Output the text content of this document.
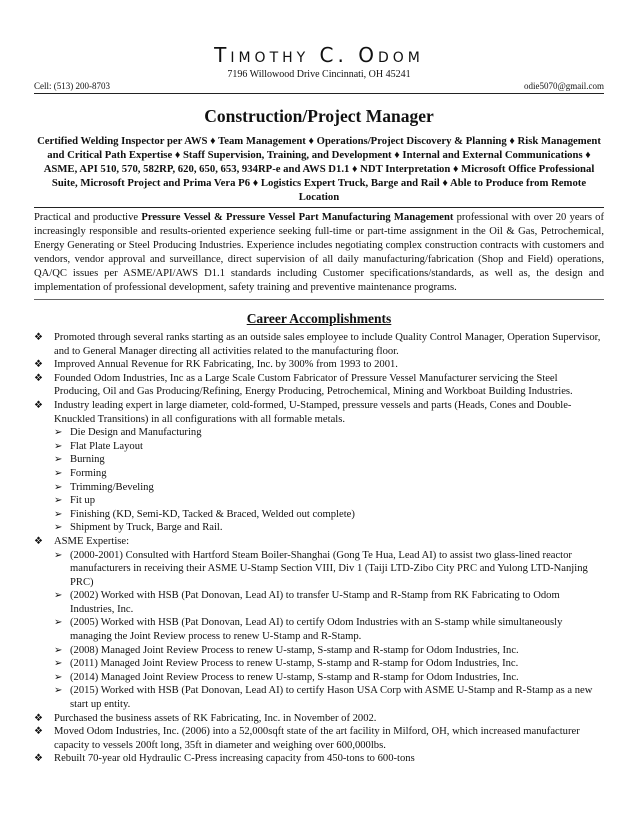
Timothy C. Odom
7196 Willowood Drive Cincinnati, OH 45241
Cell: (513) 200-8703	odie5070@gmail.com
Construction/Project Manager
Certified Welding Inspector per AWS ♦ Team Management ♦ Operations/Project Discovery & Planning ♦ Risk Management and Critical Path Expertise ♦ Staff Supervision, Training, and Development ♦ Internal and External Communications ♦ ASME, API 510, 570, 582RP, 620, 650, 653, 934RP-e and AWS D1.1 ♦ NDT Interpretation ♦ Microsoft Office Professional Suite, Microsoft Project and Prima Vera P6 ♦ Logistics Expert Truck, Barge and Rail ♦ Able to Produce from Remote Location
Practical and productive Pressure Vessel & Pressure Vessel Part Manufacturing Management professional with over 20 years of increasingly responsible and results-oriented experience seeking full-time or part-time assignment in the Oil & Gas, Petrochemical, Energy Generating or Steel Producing Industries. Experience includes negotiating complex construction contracts with customers and vendors, vendor approval and surveillance, direct supervision of all daily manufacturing/fabrication (Shop and Field) operations, QA/QC issues per ASME/API/AWS D1.1 standards including Customer specifications/standards, as well as, the design and implementation of professional development, safety training and preventive maintenance programs.
Career Accomplishments
❖ Promoted through several ranks starting as an outside sales employee to include Quality Control Manager, Operation Supervisor, and to General Manager directing all activities related to the manufacturing floor.
❖ Improved Annual Revenue for RK Fabricating, Inc. by 300% from 1993 to 2001.
❖ Founded Odom Industries, Inc as a Large Scale Custom Fabricator of Pressure Vessel Manufacturer servicing the Steel Producing, Oil and Gas Producing/Refining, Energy Producing, Petrochemical, Mining and Workboat Building Industries.
❖ Industry leading expert in large diameter, cold-formed, U-Stamped, pressure vessels and parts (Heads, Cones and Double-Knuckled Transitions) in all configurations with all formable metals.
➢ Die Design and Manufacturing
➢ Flat Plate Layout
➢ Burning
➢ Forming
➢ Trimming/Beveling
➢ Fit up
➢ Finishing (KD, Semi-KD, Tacked & Braced, Welded out complete)
➢ Shipment by Truck, Barge and Rail.
❖ ASME Expertise:
➢ (2000-2001) Consulted with Hartford Steam Boiler-Shanghai (Gong Te Hua, Lead AI) to assist two glass-lined reactor manufacturers in receiving their ASME U-Stamp Section VIII, Div 1 (Taiji LTD-Zibo City PRC and Yulong LTD-Nanjing PRC)
➢ (2002) Worked with HSB (Pat Donovan, Lead AI) to transfer U-Stamp and R-Stamp from RK Fabricating to Odom Industries, Inc.
➢ (2005) Worked with HSB (Pat Donovan, Lead AI) to certify Odom Industries with an S-stamp while simultaneously managing the Joint Review process to renew U-Stamp and R-Stamp.
➢ (2008) Managed Joint Review Process to renew U-stamp, S-stamp and R-stamp for Odom Industries, Inc.
➢ (2011) Managed Joint Review Process to renew U-stamp, S-stamp and R-stamp for Odom Industries, Inc.
➢ (2014) Managed Joint Review Process to renew U-stamp, S-stamp and R-stamp for Odom Industries, Inc.
➢ (2015) Worked with HSB (Pat Donovan, Lead AI) to certify Hason USA Corp with ASME U-Stamp and R-Stamp as a new start up entity.
❖ Purchased the business assets of RK Fabricating, Inc. in November of 2002.
❖ Moved Odom Industries, Inc. (2006) into a 52,000sqft state of the art facility in Milford, OH, which increased manufacturer capacity to vessels 200ft long, 35ft in diameter and weighing over 600,000lbs.
❖ Rebuilt 70-year old Hydraulic C-Press increasing capacity from 450-tons to 600-tons
